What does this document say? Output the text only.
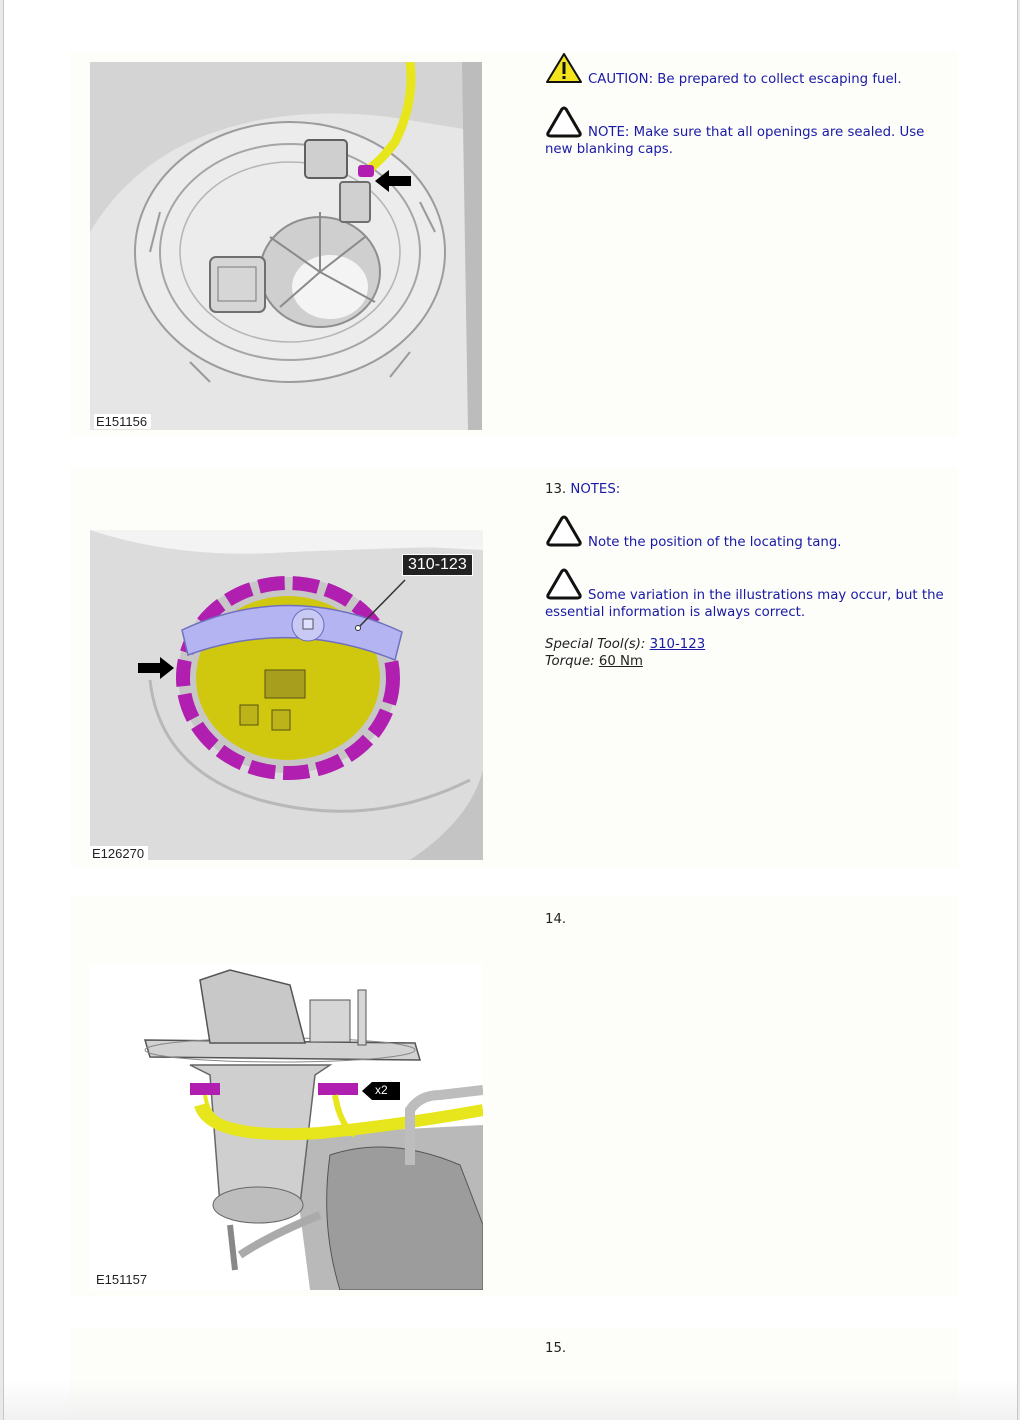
E151156
CAUTION: Be prepared to collect escaping fuel.
NOTE: Make sure that all openings are sealed. Use new blanking caps.
310-123
E126270
13. NOTES:
Note the position of the locating tang.
Some variation in the illustrations may occur, but the essential information is always correct.
Special Tool(s): 310-123
Torque: 60 Nm
x2
E151157
14.
15.
